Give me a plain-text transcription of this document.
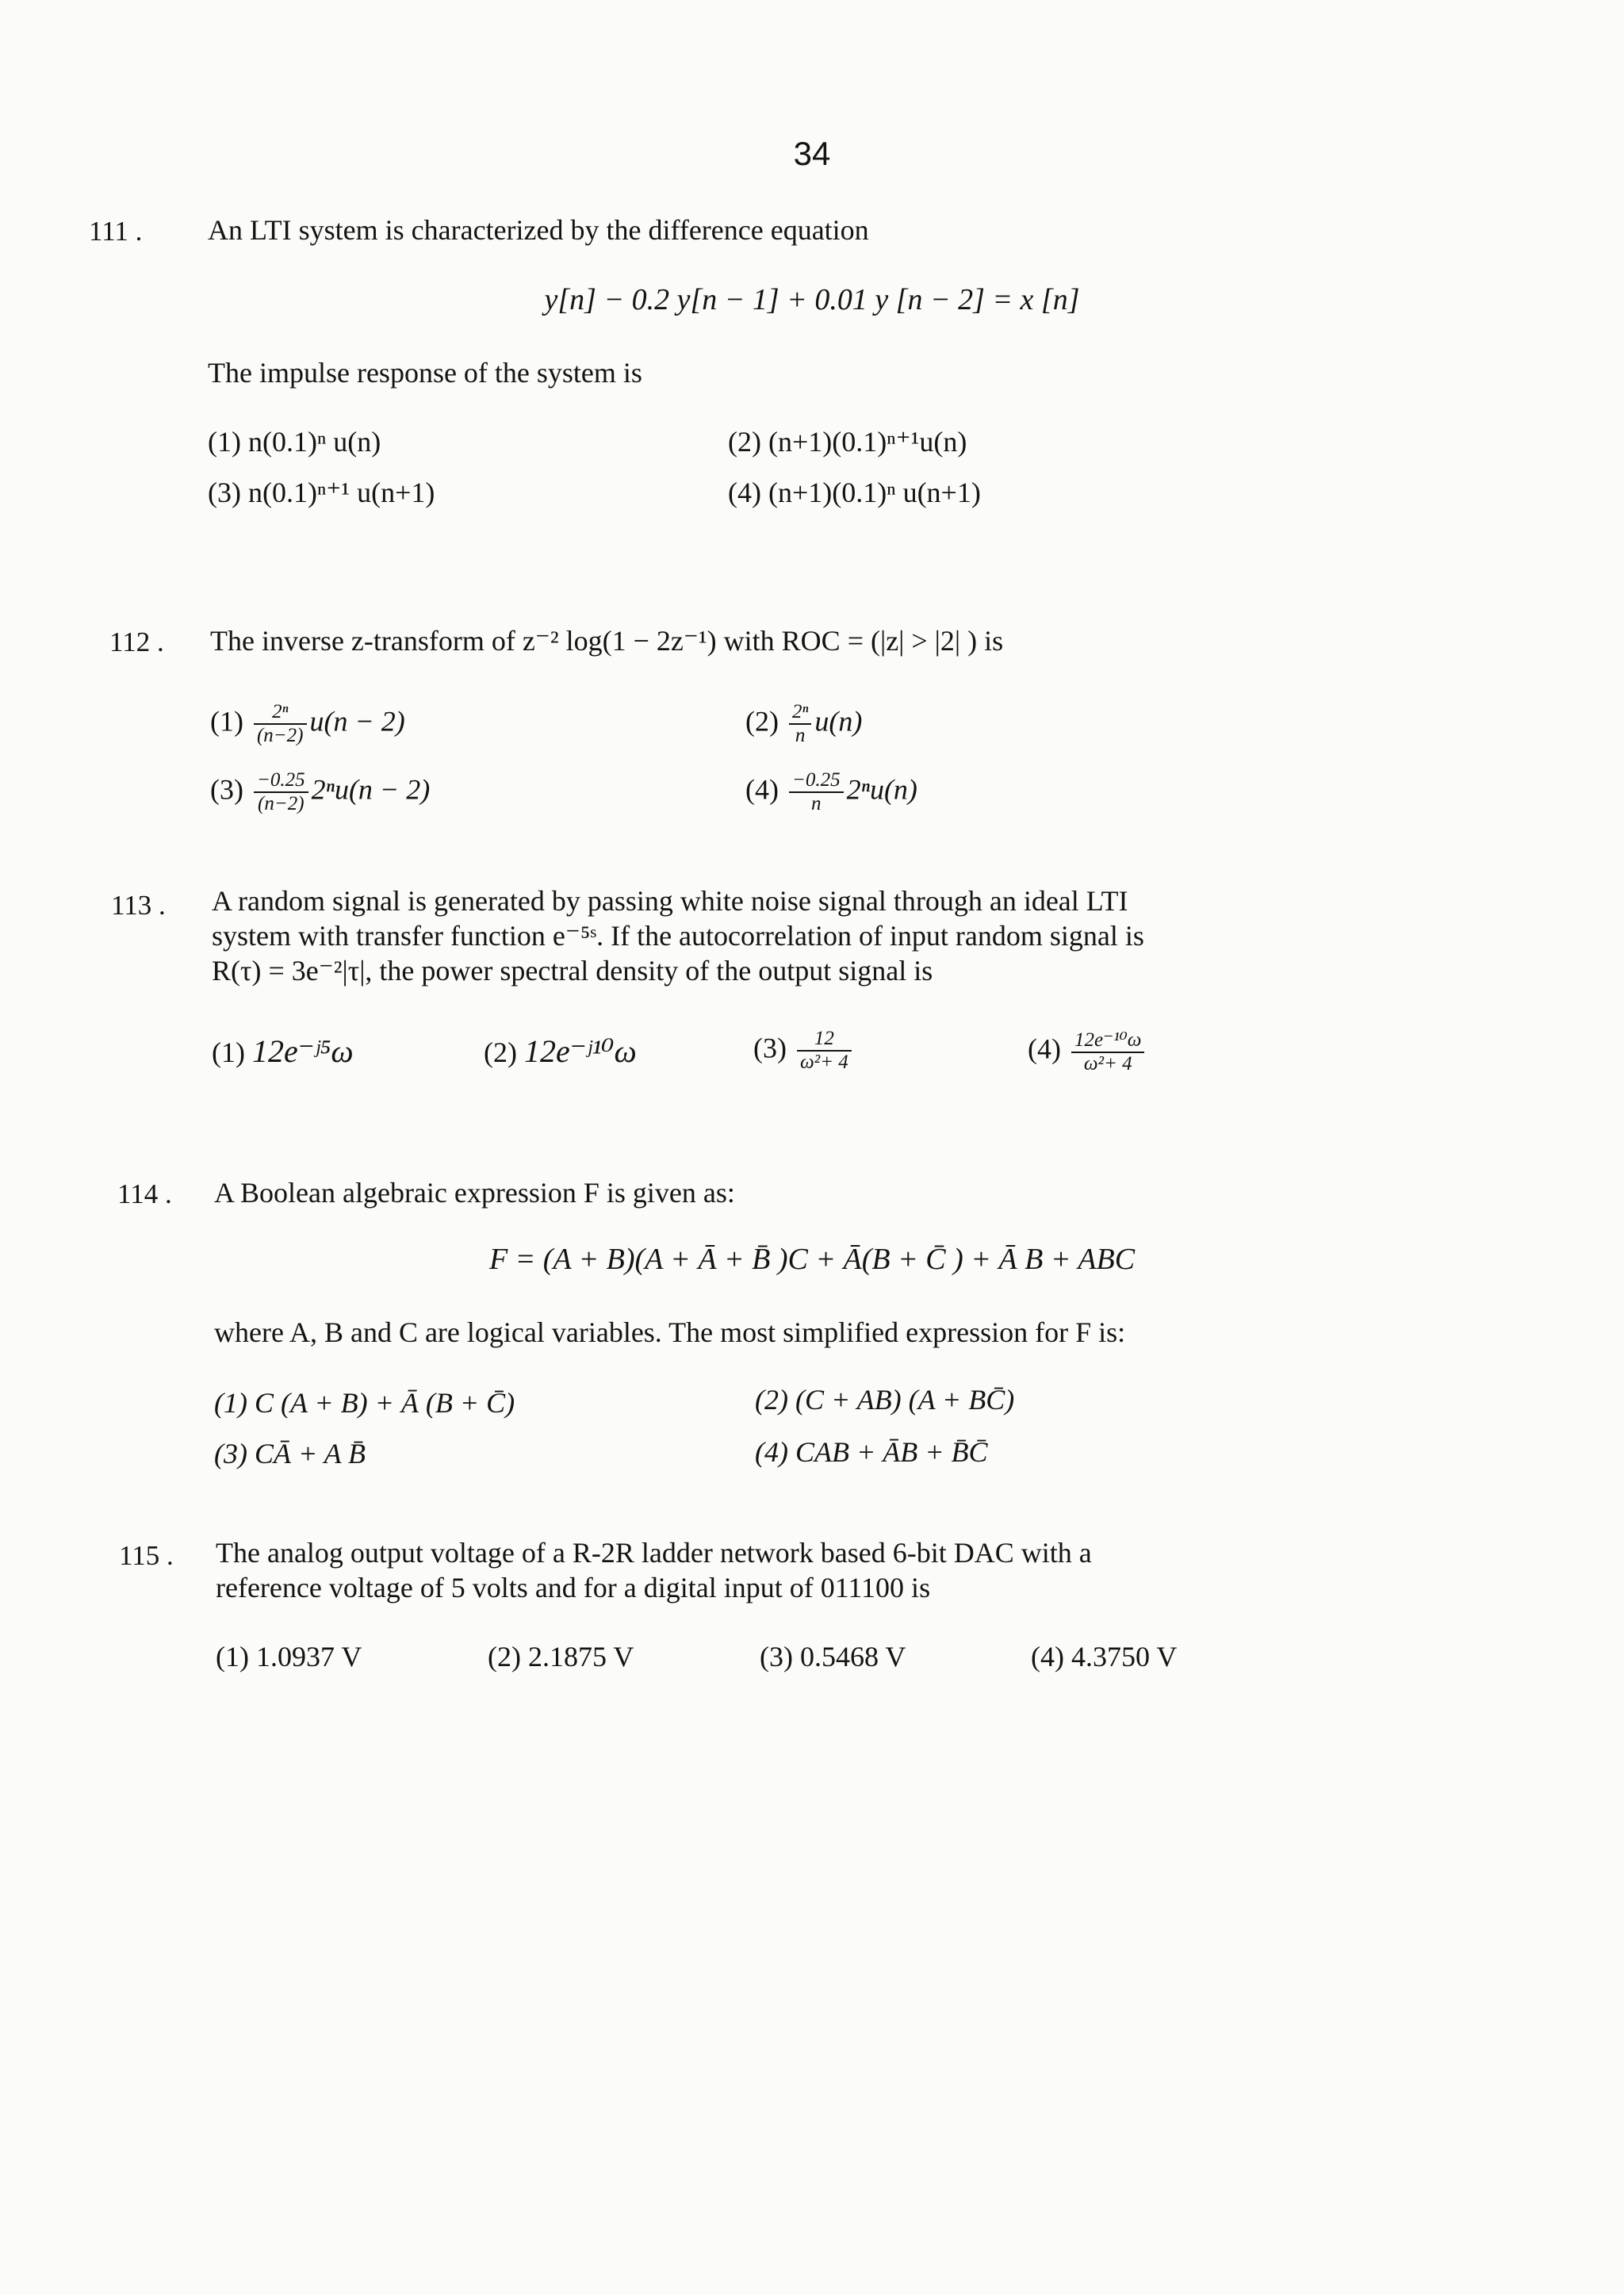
34
111 . An LTI system is characterized by the difference equation
y[n] − 0.2 y[n − 1] + 0.01 y [n − 2] = x [n]
The impulse response of the system is
(1) n(0.1)ⁿ u(n)	(2) (n+1)(0.1)ⁿ⁺¹u(n)
(3) n(0.1)ⁿ⁺¹ u(n+1)	(4) (n+1)(0.1)ⁿ u(n+1)
112 . The inverse z-transform of z⁻² log(1 − 2z⁻¹) with ROC = (|z| > |2| ) is
$(1) \frac{\text{2ⁿ}}{(n-2)} u(n - 2)$	$(2) \frac{\text{2ⁿ}}{n} u(n)$
$(3) \frac{-0.25}{(n-2)} 2^nu(n - 2)$	$(4) \frac{-0.25}{n} 2^nu(n)$
113 . A random signal is generated by passing white noise signal through an ideal LTI
system with transfer function e⁻⁵ˢ. If the autocorrelation of input random signal is
R(τ) = 3e⁻²|τ|, the power spectral density of the output signal is
(1) 12e⁻ʲ⁵ω	(2) 12e⁻ʲ¹⁰ω	$(3) \frac{12}{\text{ω²+ 4}}$	$(4) \frac{\text{12e⁻¹⁰ω}}{\text{ω²+ 4}}$
114 . A Boolean algebraic expression F is given as:
F = (A + B)(A + Ā + B̄ )C + Ā(B + C̄ ) + Ā B + ABC
where A, B and C are logical variables. The most simplified expression for F is:
(1) C (A + B) + Ā (B + C̄)	(2) (C + AB) (A + BC̄)
(3) CĀ + A B̄	(4) CAB + ĀB + B̄C̄
115 . The analog output voltage of a R-2R ladder network based 6-bit DAC with a
reference voltage of 5 volts and for a digital input of 011100 is
(1) 1.0937 V	(2) 2.1875 V	(3) 0.5468 V	(4) 4.3750 V
